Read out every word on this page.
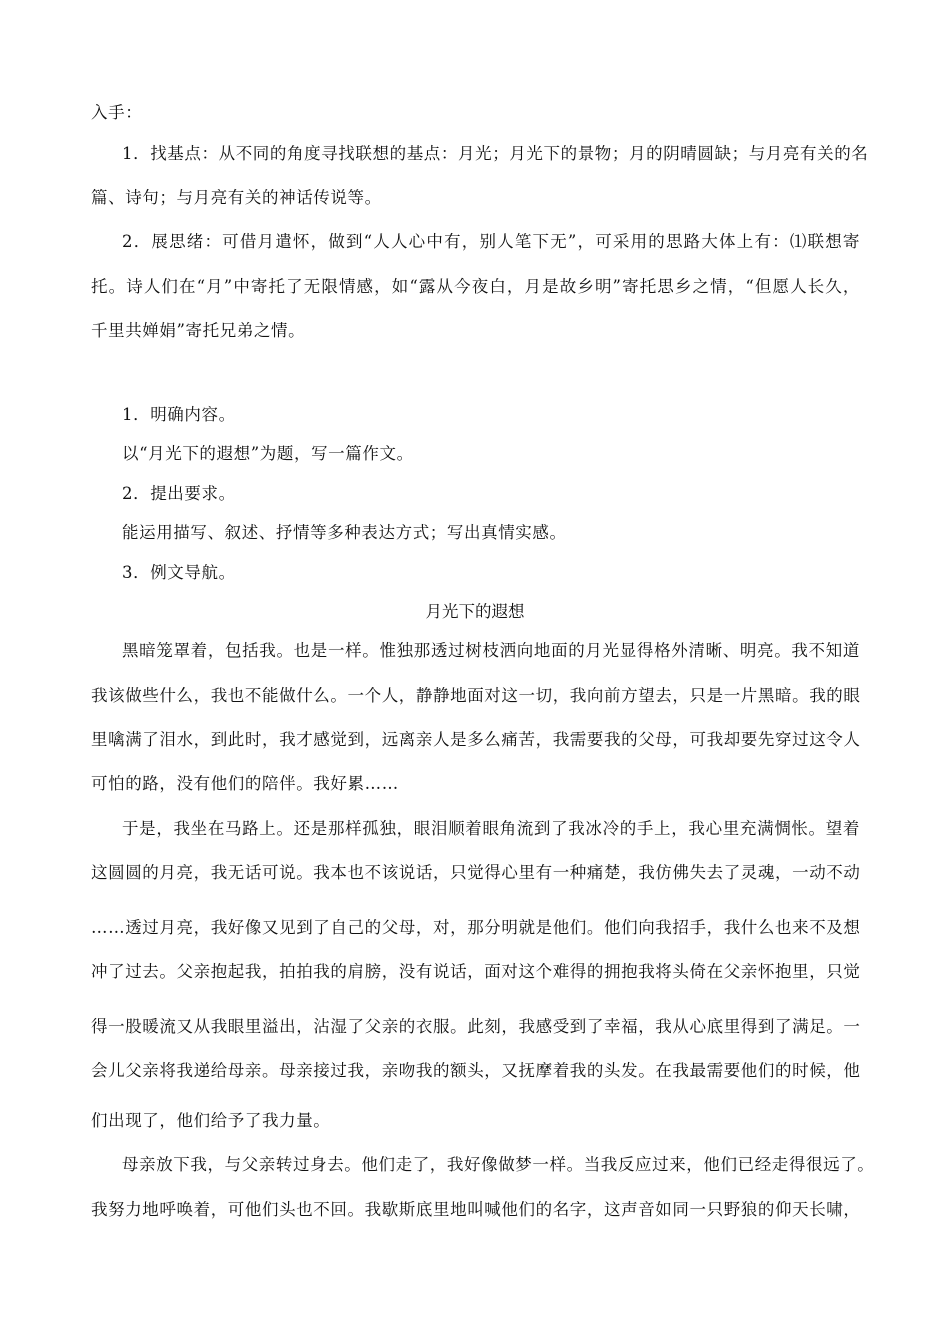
入手：
1．找基点：从不同的角度寻找联想的基点：月光；月光下的景物；月的阴晴圆缺；与月亮有关的名
篇、诗句；与月亮有关的神话传说等。
2．展思绪：可借月遣怀，做到“人人心中有，别人笔下无”，可采用的思路大体上有：⑴联想寄
托。诗人们在“月”中寄托了无限情感，如“露从今夜白，月是故乡明”寄托思乡之情，“但愿人长久，
千里共婵娟”寄托兄弟之情。
1．明确内容。
以“月光下的遐想”为题，写一篇作文。
2．提出要求。
能运用描写、叙述、抒情等多种表达方式；写出真情实感。
3．例文导航。
月光下的遐想
黑暗笼罩着，包括我。也是一样。惟独那透过树枝洒向地面的月光显得格外清晰、明亮。我不知道
我该做些什么，我也不能做什么。一个人，静静地面对这一切，我向前方望去，只是一片黑暗。我的眼
里噙满了泪水，到此时，我才感觉到，远离亲人是多么痛苦，我需要我的父母，可我却要先穿过这令人
可怕的路，没有他们的陪伴。我好累……
于是，我坐在马路上。还是那样孤独，眼泪顺着眼角流到了我冰冷的手上，我心里充满惆怅。望着
这圆圆的月亮，我无话可说。我本也不该说话，只觉得心里有一种痛楚，我仿佛失去了灵魂，一动不动
……透过月亮，我好像又见到了自己的父母，对，那分明就是他们。他们向我招手，我什么也来不及想
冲了过去。父亲抱起我，拍拍我的肩膀，没有说话，面对这个难得的拥抱我将头倚在父亲怀抱里，只觉
得一股暖流又从我眼里溢出，沾湿了父亲的衣服。此刻，我感受到了幸福，我从心底里得到了满足。一
会儿父亲将我递给母亲。母亲接过我，亲吻我的额头，又抚摩着我的头发。在我最需要他们的时候，他
们出现了，他们给予了我力量。
母亲放下我，与父亲转过身去。他们走了，我好像做梦一样。当我反应过来，他们已经走得很远了。
我努力地呼唤着，可他们头也不回。我歇斯底里地叫喊他们的名字，这声音如同一只野狼的仰天长啸，
